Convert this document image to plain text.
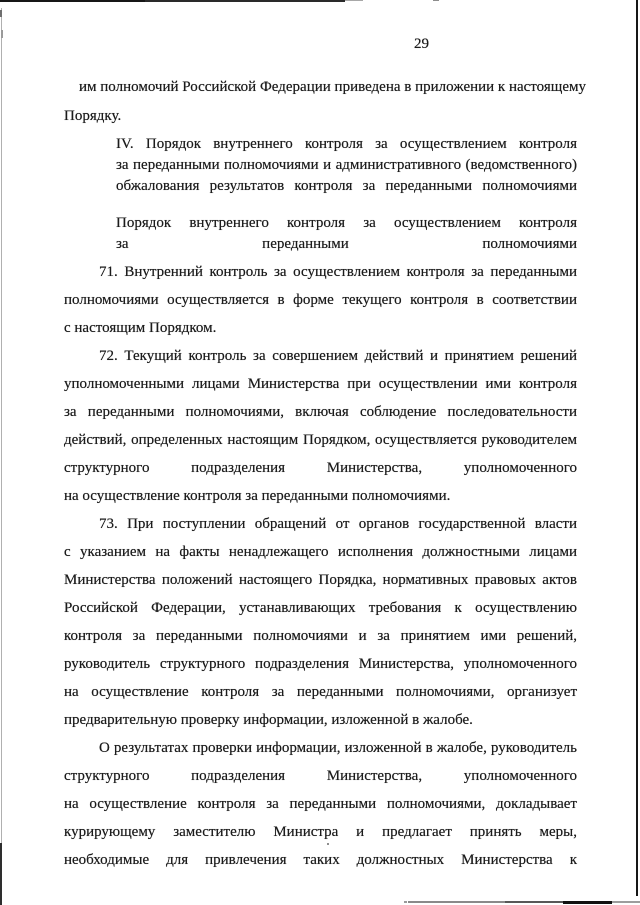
29
им полномочий Российской Федерации приведена в приложении к настоящему
Порядку.
IV. Порядок внутреннего контроля за осуществлением контроля
за переданными полномочиями и административного (ведомственного)
обжалования результатов контроля за переданными полномочиями
Порядок внутреннего контроля за осуществлением контроля
за переданными полномочиями
71. Внутренний контроль за осуществлением контроля за переданными
полномочиями осуществляется в форме текущего контроля в соответствии
с настоящим Порядком.
72. Текущий контроль за совершением действий и принятием решений
уполномоченными лицами Министерства при осуществлении ими контроля
за переданными полномочиями, включая соблюдение последовательности
действий, определенных настоящим Порядком, осуществляется руководителем
структурного подразделения Министерства, уполномоченного
на осуществление контроля за переданными полномочиями.
73. При поступлении обращений от органов государственной власти
с указанием на факты ненадлежащего исполнения должностными лицами
Министерства положений настоящего Порядка, нормативных правовых актов
Российской Федерации, устанавливающих требования к осуществлению
контроля за переданными полномочиями и за принятием ими решений,
руководитель структурного подразделения Министерства, уполномоченного
на осуществление контроля за переданными полномочиями, организует
предварительную проверку информации, изложенной в жалобе.
О результатах проверки информации, изложенной в жалобе, руководитель
структурного подразделения Министерства, уполномоченного
на осуществление контроля за переданными полномочиями, докладывает
курирующему заместителю Министра и предлагает принять меры,
необходимые для привлечения таких должностных Министерства к
